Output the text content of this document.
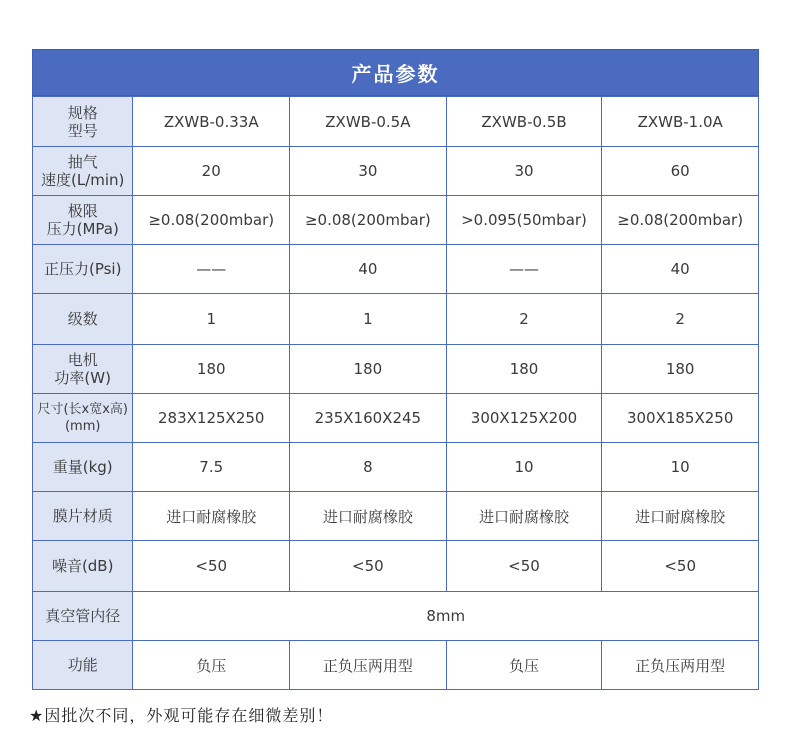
产品参数
规格
型号	ZXWB-0.33A	ZXWB-0.5A	ZXWB-0.5B	ZXWB-1.0A
抽气
速度(L/min)	20	30	30	60
极限
压力(MPa)	≥0.08(200mbar)	≥0.08(200mbar)	>0.095(50mbar)	≥0.08(200mbar)
正压力(Psi)	——	40	——	40
级数	1	1	2	2
电机
功率(W)	180	180	180	180
尺寸(长x宽x高)
(mm)	283X125X250	235X160X245	300X125X200	300X185X250
重量(kg)	7.5	8	10	10
膜片材质	进口耐腐橡胶	进口耐腐橡胶	进口耐腐橡胶	进口耐腐橡胶
噪音(dB)	<50	<50	<50	<50
真空管内径	8mm			
功能	负压	正负压两用型	负压	正负压两用型
★因批次不同，外观可能存在细微差别！
